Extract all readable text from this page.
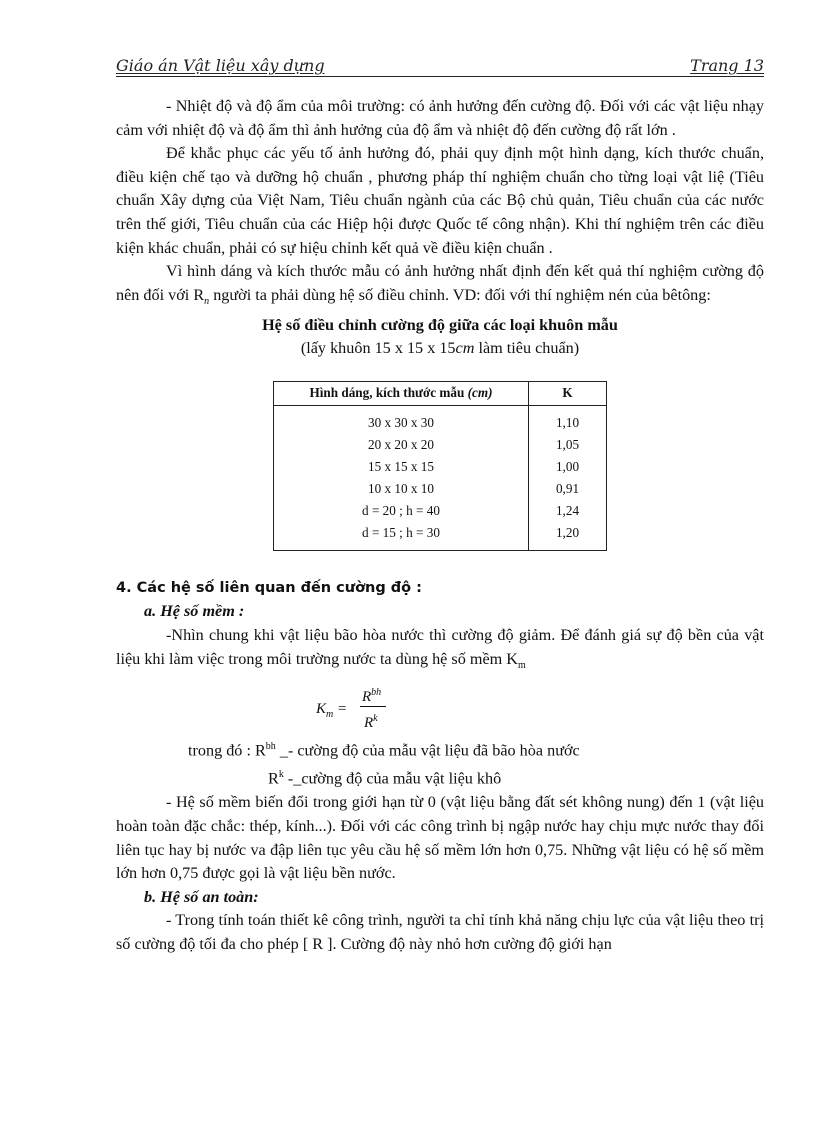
Giáo án Vật liệu xây dựng	Trang 13

- Nhiệt độ và độ ẩm của môi trường: có ảnh hưởng đến cường độ. Đối với các vật liệu nhạy cảm với nhiệt độ và độ ẩm thì ảnh hưởng của độ ẩm và nhiệt độ đến cường độ rất lớn .

Để khắc phục các yếu tố ảnh hưởng đó, phải quy định một hình dạng, kích thước chuẩn, điều kiện chế tạo và dưỡng hộ chuẩn , phương pháp thí nghiệm chuẩn cho từng loại vật liệ (Tiêu chuẩn Xây dựng của Việt Nam, Tiêu chuẩn ngành của các Bộ chủ quản, Tiêu chuẩn của các nước trên thế giới, Tiêu chuẩn của các Hiệp hội được Quốc tế công nhận). Khi thí nghiệm trên các điều kiện khác chuẩn, phải có sự hiệu chỉnh kết quả về điều kiện chuẩn .

Vì hình dáng và kích thước mẫu có ảnh hưởng nhất định đến kết quả thí nghiệm cường độ nên đối với $R_n$ người ta phải dùng hệ số điều chỉnh. VD: đối với thí nghiệm nén của bêtông:

Hệ số điều chỉnh cường độ giữa các loại khuôn mẫu

(lấy khuôn 15 x 15 x 15cm làm tiêu chuẩn)

Hình dáng, kích thước mẫu (cm)	K
30 x 30 x 30	1,10
20 x 20 x 20	1,05
15 x 15 x 15	1,00
10 x 10 x 10	0,91
d = 20 ; h = 40	1,24
d = 15 ; h = 30	1,20

4. Các hệ số liên quan đến cường độ :

a. Hệ số mềm :

-Nhìn chung khi vật liệu bão hòa nước thì cường độ giảm. Để đánh giá sự độ bền của vật liệu khi làm việc trong môi trường nước ta dùng hệ số mềm $K_m$

$K_m$ =
$R^{bh}$
$R^k$

trong đó : $R^{bh}$ _- cường độ của mẫu vật liệu đã bão hòa nước

$R^k$ -_cường độ của mẫu vật liệu khô

- Hệ số mềm biến đổi trong giới hạn từ 0 (vật liệu bằng đất sét không nung) đến 1 (vật liệu hoàn toàn đặc chắc: thép, kính...). Đối với các công trình bị ngập nước hay chịu mực nước thay đổi liên tục hay bị nước va đập liên tục yêu cầu hệ số mềm lớn hơn 0,75. Những vật liệu có hệ số mềm lớn hơn 0,75 được gọi là vật liệu bền nước.

b. Hệ số an toàn:

- Trong tính toán thiết kê công trình, người ta chỉ tính khả năng chịu lực của vật liệu theo trị số cường độ tối đa cho phép [ R ]. Cường độ này nhỏ hơn cường độ giới hạn
